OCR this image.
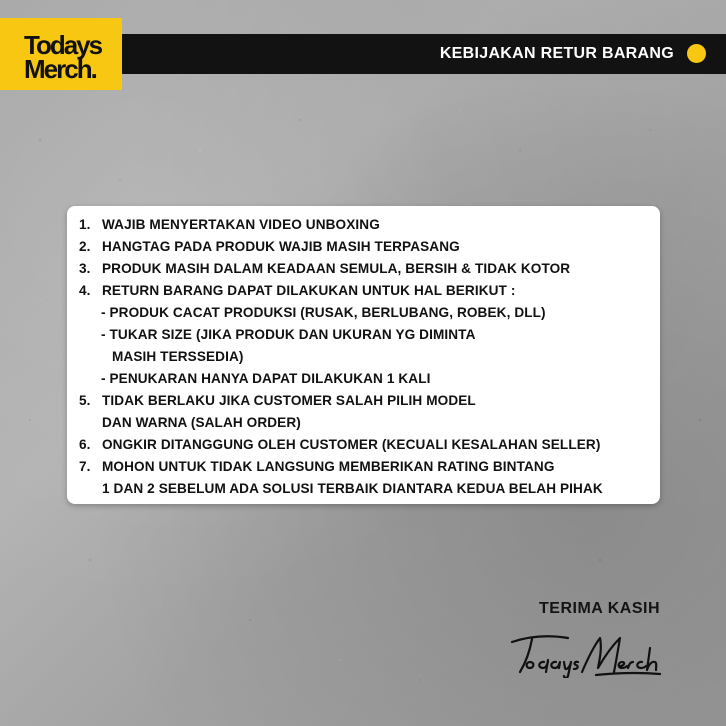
KEBIJAKAN RETUR BARANG
Todays
Merch.
1. WAJIB MENYERTAKAN VIDEO UNBOXING
2. HANGTAG PADA PRODUK WAJIB MASIH TERPASANG
3. PRODUK MASIH DALAM KEADAAN SEMULA, BERSIH & TIDAK KOTOR
4. RETURN BARANG DAPAT DILAKUKAN UNTUK HAL BERIKUT :
- PRODUK CACAT PRODUKSI (RUSAK, BERLUBANG, ROBEK, DLL)
- TUKAR SIZE (JIKA PRODUK DAN UKURAN YG DIMINTA
MASIH TERSSEDIA)
- PENUKARAN HANYA DAPAT DILAKUKAN 1 KALI
5. TIDAK BERLAKU JIKA CUSTOMER SALAH PILIH MODEL
DAN WARNA (SALAH ORDER)
6. ONGKIR DITANGGUNG OLEH CUSTOMER (KECUALI KESALAHAN SELLER)
7. MOHON UNTUK TIDAK LANGSUNG MEMBERIKAN RATING BINTANG
1 DAN 2 SEBELUM ADA SOLUSI TERBAIK DIANTARA KEDUA BELAH PIHAK
TERIMA KASIH
